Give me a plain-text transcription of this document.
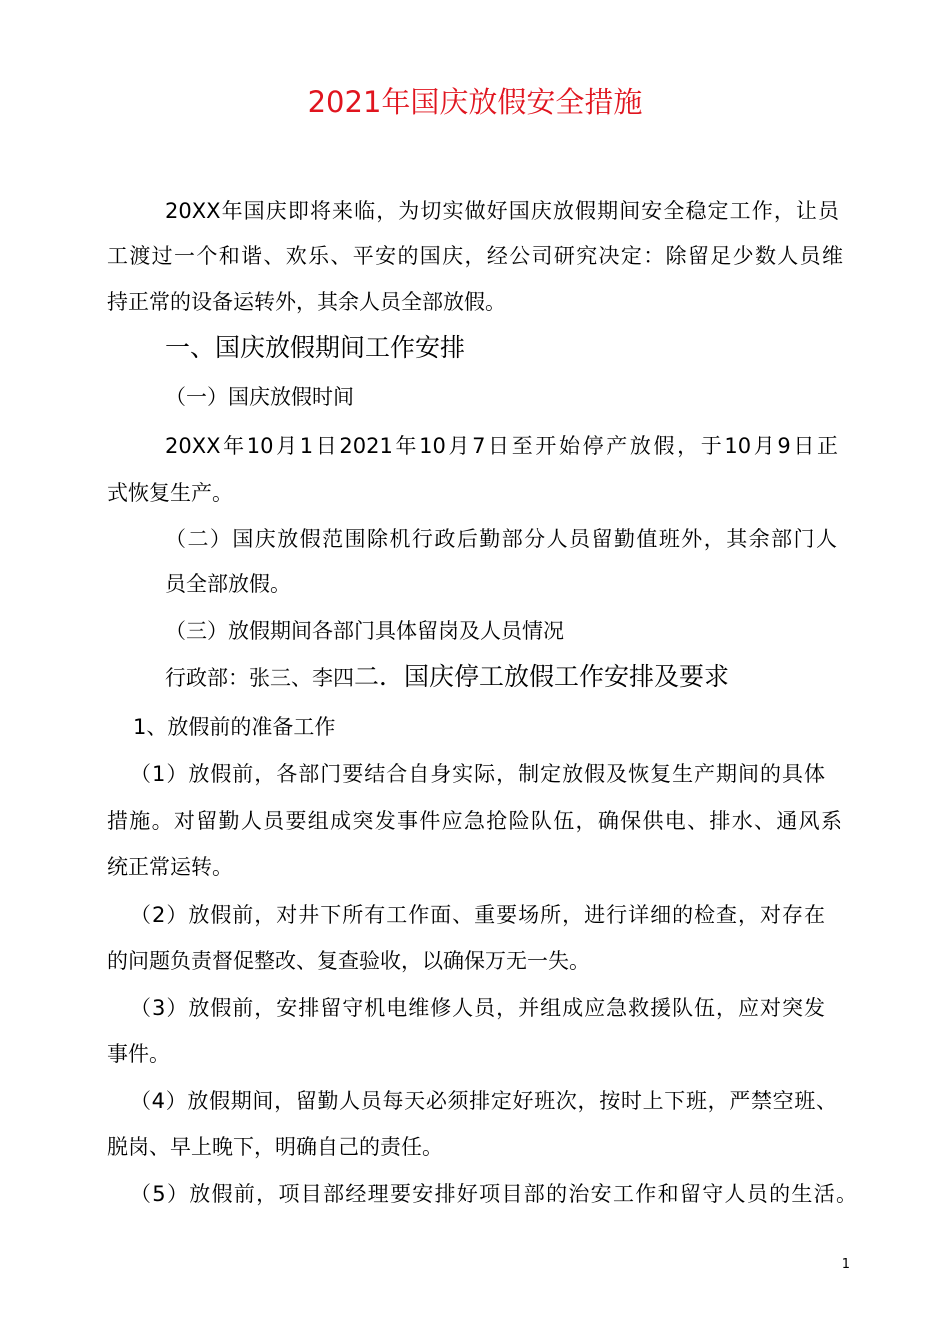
2021年国庆放假安全措施
20XX年国庆即将来临，为切实做好国庆放假期间安全稳定工作，让员
工渡过一个和谐、欢乐、平安的国庆，经公司研究决定：除留足少数人员维
持正常的设备运转外，其余人员全部放假。
一、国庆放假期间工作安排
（一）国庆放假时间
20XX年10月1日2021年10月7日至开始停产放假，于10月9日正
式恢复生产。
（二）国庆放假范围除机行政后勤部分人员留勤值班外，其余部门人
员全部放假。
（三）放假期间各部门具体留岗及人员情况
行政部：张三、李四二．国庆停工放假工作安排及要求
1、放假前的准备工作
（1）放假前，各部门要结合自身实际，制定放假及恢复生产期间的具体
措施。对留勤人员要组成突发事件应急抢险队伍，确保供电、排水、通风系
统正常运转。
（2）放假前，对井下所有工作面、重要场所，进行详细的检查，对存在
的问题负责督促整改、复查验收，以确保万无一失。
（3）放假前，安排留守机电维修人员，并组成应急救援队伍，应对突发
事件。
（4）放假期间，留勤人员每天必须排定好班次，按时上下班，严禁空班、
脱岗、早上晚下，明确自己的责任。
（5）放假前，项目部经理要安排好项目部的治安工作和留守人员的生活。
1
